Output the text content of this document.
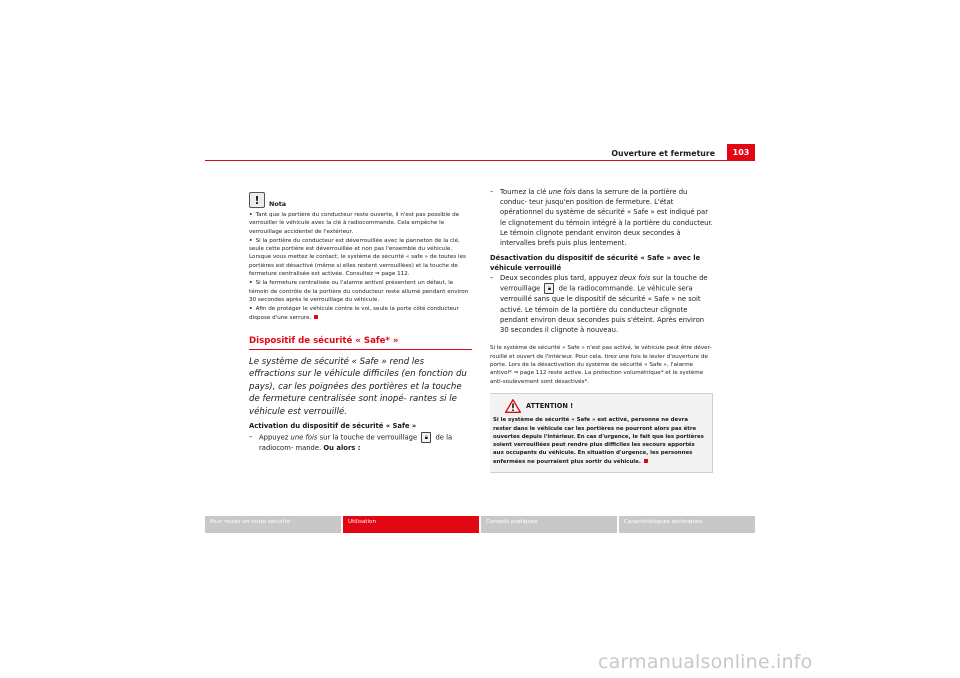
Ouverture et fermeture	103
!	Nota
• Tant que la portière du conducteur reste ouverte, il n'est pas possible de verrouiller le véhicule avec la clé à radiocommande. Cela empêche le verrouillage accidentel de l'extérieur.
• Si la portière du conducteur est déverrouillée avec le panneton de la clé, seule cette portière est déverrouillée et non pas l'ensemble du véhicule. Lorsque vous mettez le contact, le système de sécurité « safe » de toutes les portières est désactivé (même si elles restent verrouillées) et la touche de fermeture centralisée est activée. Consultez ⇒ page 112.
• Si la fermeture centralisée ou l'alarme antivol présentent un défaut, le témoin de contrôle de la portière du conducteur reste allumé pendant environ 30 secondes après le verrouillage du véhicule.
• Afin de protéger le véhicule contre le vol, seule la porte côté conducteur dispose d'une serrure.
Dispositif de sécurité « Safe* »
Le système de sécurité « Safe » rend les effractions sur le véhicule difficiles (en fonction du pays), car les poignées des portières et la touche de fermeture centralisée sont inopé- rantes si le véhicule est verrouillé.
Activation du dispositif de sécurité « Safe »
– Appuyez une fois sur la touche de verrouillage 🔒︎ de la radiocom- mande. Ou alors :
– Tournez la clé une fois dans la serrure de la portière du conduc- teur jusqu'en position de fermeture. L'état opérationnel du système de sécurité « Safe » est indiqué par le clignotement du témoin intégré à la portière du conducteur. Le témoin clignote pendant environ deux secondes à intervalles brefs puis plus lentement.
Désactivation du dispositif de sécurité « Safe » avec le véhicule verrouillé
– Deux secondes plus tard, appuyez deux fois sur la touche de verrouillage 🔒︎ de la radiocommande. Le véhicule sera verrouillé sans que le dispositif de sécurité « Safe » ne soit activé. Le témoin de la portière du conducteur clignote pendant environ deux secondes puis s'éteint. Après environ 30 secondes il clignote à nouveau.
Si le système de sécurité « Safe » n'est pas activé, le véhicule peut être déver- rouillé et ouvert de l'intérieur. Pour cela, tirez une fois le levier d'ouverture de porte. Lors de la désactivation du système de sécurité « Safe », l'alarme antivol* ⇒ page 112 reste active. La protection volumétrique* et le système anti-soulèvement sont désactivés*.
ATTENTION !
Si le système de sécurité « Safe » est activé, personne ne devra rester dans le véhicule car les portières ne pourront alors pas être ouvertes depuis l'intérieur. En cas d'urgence, le fait que les portières soient verrouillées peut rendre plus difficiles les secours apportés aux occupants du véhicule. En situation d'urgence, les personnes enfermées ne pourraient plus sortir du véhicule.
Pour rouler en toute sécurité	Utilisation	Conseils pratiques	Caractéristiques techniques
carmanualsonline.info
